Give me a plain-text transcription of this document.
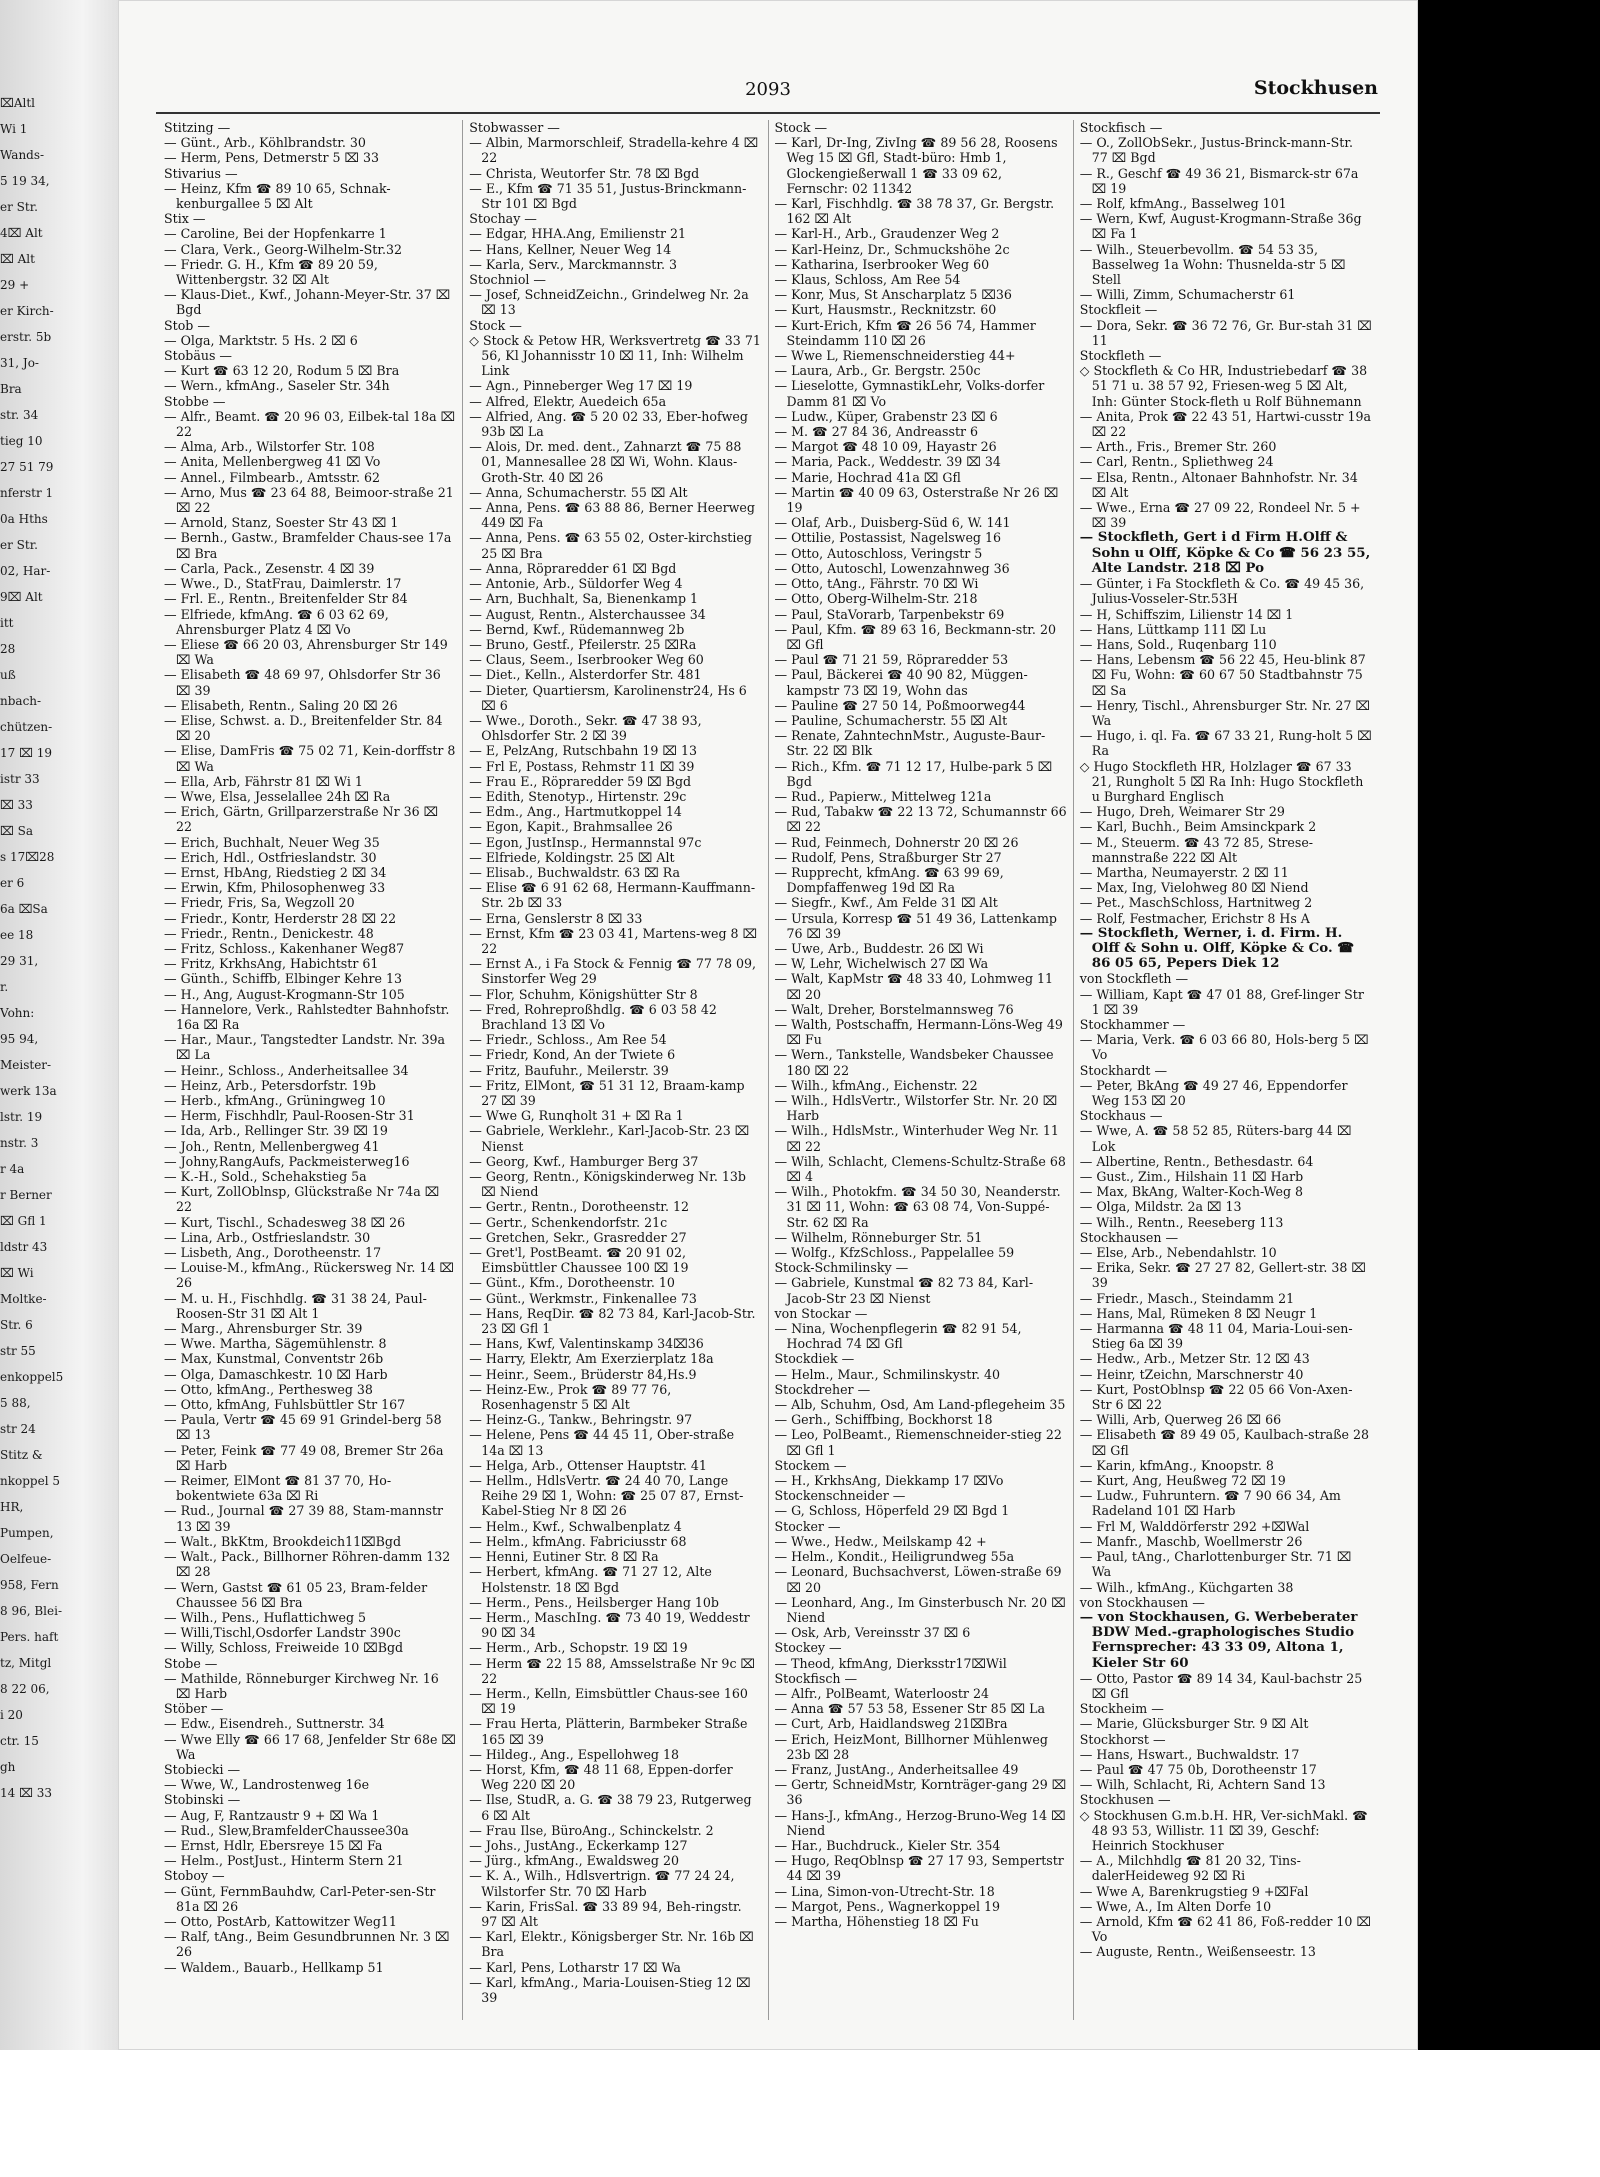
⌧Altl
Wi 1
Wands-
5 19 34,
er Str.
4⌧ Alt
⌧ Alt
29 +
er Kirch-
erstr. 5b
31, Jo-
Bra
str. 34
tieg 10
27 51 79
nferstr 1
0a Hths
er Str.
02, Har-
9⌧ Alt
itt
28
uß
nbach-
chützen-
17 ⌧ 19
istr 33
⌧ 33
⌧ Sa
s 17⌧28
er 6
6a ⌧Sa
ee 18
29 31,
r.
Vohn:
95 94,
Meister-
werk 13a
lstr. 19
nstr. 3
r 4a
r Berner
⌧ Gfl 1
ldstr 43
⌧ Wi
Moltke-
Str. 6
str 55
enkoppel5
5 88,
str 24
Stitz &
nkoppel 5
HR,
Pumpen,
Oelfeue-
958, Fern
8 96, Blei-
Pers. haft
tz, Mitgl
8 22 06,
i 20
ctr. 15
gh
14 ⌧ 33
2093	Stockhusen

Stitzing —

— Günt., Arb., Köhlbrandstr. 30

— Herm, Pens, Detmerstr 5 ⌧ 33

Stivarius —

— Heinz, Kfm ☎ 89 10 65, Schnak-kenburgallee 5 ⌧ Alt

Stix —

— Caroline, Bei der Hopfenkarre 1

— Clara, Verk., Georg-Wilhelm-Str.32

— Friedr. G. H., Kfm ☎ 89 20 59, Wittenbergstr. 32 ⌧ Alt

— Klaus-Diet., Kwf., Johann-Meyer-Str. 37 ⌧ Bgd

Stob —

— Olga, Marktstr. 5 Hs. 2 ⌧ 6

Stobäus —

— Kurt ☎ 63 12 20, Rodum 5 ⌧ Bra

— Wern., kfmAng., Saseler Str. 34h

Stobbe —

— Alfr., Beamt. ☎ 20 96 03, Eilbek-tal 18a ⌧ 22

— Alma, Arb., Wilstorfer Str. 108

— Anita, Mellenbergweg 41 ⌧ Vo

— Annel., Filmbearb., Amtsstr. 62

— Arno, Mus ☎ 23 64 88, Beimoor-straße 21 ⌧ 22

— Arnold, Stanz, Soester Str 43 ⌧ 1

— Bernh., Gastw., Bramfelder Chaus-see 17a ⌧ Bra

— Carla, Pack., Zesenstr. 4 ⌧ 39

— Wwe., D., StatFrau, Daimlerstr. 17

— Frl. E., Rentn., Breitenfelder Str 84

— Elfriede, kfmAng. ☎ 6 03 62 69, Ahrensburger Platz 4 ⌧ Vo

— Eliese ☎ 66 20 03, Ahrensburger Str 149 ⌧ Wa

— Elisabeth ☎ 48 69 97, Ohlsdorfer Str 36 ⌧ 39

— Elisabeth, Rentn., Saling 20 ⌧ 26

— Elise, Schwst. a. D., Breitenfelder Str. 84 ⌧ 20

— Elise, DamFris ☎ 75 02 71, Kein-dorffstr 8 ⌧ Wa

— Ella, Arb, Fährstr 81 ⌧ Wi 1

— Wwe, Elsa, Jesselallee 24h ⌧ Ra

— Erich, Gärtn, Grillparzerstraße Nr 36 ⌧ 22

— Erich, Buchhalt, Neuer Weg 35

— Erich, Hdl., Ostfrieslandstr. 30

— Ernst, HbAng, Riedstieg 2 ⌧ 34

— Erwin, Kfm, Philosophenweg 33

— Friedr, Fris, Sa, Wegzoll 20

— Friedr., Kontr, Herderstr 28 ⌧ 22

— Friedr., Rentn., Denickestr. 48

— Fritz, Schloss., Kakenhaner Weg87

— Fritz, KrkhsAng, Habichtstr 61

— Günth., Schiffb, Elbinger Kehre 13

— H., Ang, August-Krogmann-Str 105

— Hannelore, Verk., Rahlstedter Bahnhofstr. 16a ⌧ Ra

— Har., Maur., Tangstedter Landstr. Nr. 39a ⌧ La

— Heinr., Schloss., Anderheitsallee 34

— Heinz, Arb., Petersdorfstr. 19b

— Herb., kfmAng., Grüningweg 10

— Herm, Fischhdlr, Paul-Roosen-Str 31

— Ida, Arb., Rellinger Str. 39 ⌧ 19

— Joh., Rentn, Mellenbergweg 41

— Johny,RangAufs, Packmeisterweg16

— K.-H., Sold., Schehakstieg 5a

— Kurt, ZollOblnsp, Glückstraße Nr 74a ⌧ 22

— Kurt, Tischl., Schadesweg 38 ⌧ 26

— Lina, Arb., Ostfrieslandstr. 30

— Lisbeth, Ang., Dorotheenstr. 17

— Louise-M., kfmAng., Rückersweg Nr. 14 ⌧ 26

— M. u. H., Fischhdlg. ☎ 31 38 24, Paul-Roosen-Str 31 ⌧ Alt 1

— Marg., Ahrensburger Str. 39

— Wwe. Martha, Sägemühlenstr. 8

— Max, Kunstmal, Conventstr 26b

— Olga, Damaschkestr. 10 ⌧ Harb

— Otto, kfmAng., Perthesweg 38

— Otto, kfmAng, Fuhlsbüttler Str 167

— Paula, Vertr ☎ 45 69 91 Grindel-berg 58 ⌧ 13

— Peter, Feink ☎ 77 49 08, Bremer Str 26a ⌧ Harb

— Reimer, ElMont ☎ 81 37 70, Ho-bokentwiete 63a ⌧ Ri

— Rud., Journal ☎ 27 39 88, Stam-mannstr 13 ⌧ 39

— Walt., BkKtm, Brookdeich11⌧Bgd

— Walt., Pack., Billhorner Röhren-damm 132 ⌧ 28

— Wern, Gastst ☎ 61 05 23, Bram-felder Chaussee 56 ⌧ Bra

— Wilh., Pens., Huflattichweg 5

— Willi,Tischl,Osdorfer Landstr 390c

— Willy, Schloss, Freiweide 10 ⌧Bgd

Stobe —

— Mathilde, Rönneburger Kirchweg Nr. 16 ⌧ Harb

Stöber —

— Edw., Eisendreh., Suttnerstr. 34

— Wwe Elly ☎ 66 17 68, Jenfelder Str 68e ⌧ Wa

Stobiecki —

— Wwe, W., Landrostenweg 16e

Stobinski —

— Aug, F, Rantzaustr 9 + ⌧ Wa 1

— Rud., Slew,BramfelderChaussee30a

— Ernst, Hdlr, Ebersreye 15 ⌧ Fa

— Helm., PostJust., Hinterm Stern 21

Stoboy —

— Günt, FernmBauhdw, Carl-Peter-sen-Str 81a ⌧ 26

— Otto, PostArb, Kattowitzer Weg11

— Ralf, tAng., Beim Gesundbrunnen Nr. 3 ⌧ 26

— Waldem., Bauarb., Hellkamp 51

Stobwasser —

— Albin, Marmorschleif, Stradella-kehre 4 ⌧ 22

— Christa, Weutorfer Str. 78 ⌧ Bgd

— E., Kfm ☎ 71 35 51, Justus-Brinckmann-Str 101 ⌧ Bgd

Stochay —

— Edgar, HHA.Ang, Emilienstr 21

— Hans, Kellner, Neuer Weg 14

— Karla, Serv., Marckmannstr. 3

Stochniol —

— Josef, SchneidZeichn., Grindelweg Nr. 2a ⌧ 13

Stock —

◇ Stock & Petow HR, Werksvertretg ☎ 33 71 56, Kl Johannisstr 10 ⌧ 11, Inh: Wilhelm Link

— Agn., Pinneberger Weg 17 ⌧ 19

— Alfred, Elektr, Auedeich 65a

— Alfried, Ang. ☎ 5 20 02 33, Eber-hofweg 93b ⌧ La

— Alois, Dr. med. dent., Zahnarzt ☎ 75 88 01, Mannesallee 28 ⌧ Wi, Wohn. Klaus-Groth-Str. 40 ⌧ 26

— Anna, Schumacherstr. 55 ⌧ Alt

— Anna, Pens. ☎ 63 88 86, Berner Heerweg 449 ⌧ Fa

— Anna, Pens. ☎ 63 55 02, Oster-kirchstieg 25 ⌧ Bra

— Anna, Röpraredder 61 ⌧ Bgd

— Antonie, Arb., Süldorfer Weg 4

— Arn, Buchhalt, Sa, Bienenkamp 1

— August, Rentn., Alsterchaussee 34

— Bernd, Kwf., Rüdemannweg 2b

— Bruno, Gestf., Pfeilerstr. 25 ⌧Ra

— Claus, Seem., Iserbrooker Weg 60

— Diet., Kelln., Alsterdorfer Str. 481

— Dieter, Quartiersm, Karolinenstr24, Hs 6 ⌧ 6

— Wwe., Doroth., Sekr. ☎ 47 38 93, Ohlsdorfer Str. 2 ⌧ 39

— E, PelzAng, Rutschbahn 19 ⌧ 13

— Frl E, Postass, Rehmstr 11 ⌧ 39

— Frau E., Röpraredder 59 ⌧ Bgd

— Edith, Stenotyp., Hirtenstr. 29c

— Edm., Ang., Hartmutkoppel 14

— Egon, Kapit., Brahmsallee 26

— Egon, JustInsp., Hermannstal 97c

— Elfriede, Koldingstr. 25 ⌧ Alt

— Elisab., Buchwaldstr. 63 ⌧ Ra

— Elise ☎ 6 91 62 68, Hermann-Kauffmann-Str. 2b ⌧ 33

— Erna, Genslerstr 8 ⌧ 33

— Ernst, Kfm ☎ 23 03 41, Martens-weg 8 ⌧ 22

— Ernst A., i Fa Stock & Fennig ☎ 77 78 09, Sinstorfer Weg 29

— Flor, Schuhm, Königshütter Str 8

— Fred, Rohreproßhdlg. ☎ 6 03 58 42 Brachland 13 ⌧ Vo

— Friedr., Schloss., Am Ree 54

— Friedr, Kond, An der Twiete 6

— Fritz, Baufuhr., Meilerstr. 39

— Fritz, ElMont, ☎ 51 31 12, Braam-kamp 27 ⌧ 39

— Wwe G, Runqholt 31 + ⌧ Ra 1

— Gabriele, Werklehr., Karl-Jacob-Str. 23 ⌧ Nienst

— Georg, Kwf., Hamburger Berg 37

— Georg, Rentn., Königskinderweg Nr. 13b ⌧ Niend

— Gertr., Rentn., Dorotheenstr. 12

— Gertr., Schenkendorfstr. 21c

— Gretchen, Sekr., Grasredder 27

— Gret'l, PostBeamt. ☎ 20 91 02, Eimsbüttler Chaussee 100 ⌧ 19

— Günt., Kfm., Dorotheenstr. 10

— Günt., Werkmstr., Finkenallee 73

— Hans, ReqDir. ☎ 82 73 84, Karl-Jacob-Str. 23 ⌧ Gfl 1

— Hans, Kwf, Valentinskamp 34⌧36

— Harry, Elektr, Am Exerzierplatz 18a

— Heinr., Seem., Brüderstr 84,Hs.9

— Heinz-Ew., Prok ☎ 89 77 76, Rosenhagenstr 5 ⌧ Alt

— Heinz-G., Tankw., Behringstr. 97

— Helene, Pens ☎ 44 45 11, Ober-straße 14a ⌧ 13

— Helga, Arb., Ottenser Hauptstr. 41

— Hellm., HdlsVertr. ☎ 24 40 70, Lange Reihe 29 ⌧ 1, Wohn: ☎ 25 07 87, Ernst-Kabel-Stieg Nr 8 ⌧ 26

— Helm., Kwf., Schwalbenplatz 4

— Helm., kfmAng. Fabriciusstr 68

— Henni, Eutiner Str. 8 ⌧ Ra

— Herbert, kfmAng. ☎ 71 27 12, Alte Holstenstr. 18 ⌧ Bgd

— Herm., Pens., Heilsberger Hang 10b

— Herm., MaschIng. ☎ 73 40 19, Weddestr 90 ⌧ 34

— Herm., Arb., Schopstr. 19 ⌧ 19

— Herm ☎ 22 15 88, Amsselstraße Nr 9c ⌧ 22

— Herm., Kelln, Eimsbüttler Chaus-see 160 ⌧ 19

— Frau Herta, Plätterin, Barmbeker Straße 165 ⌧ 39

— Hildeg., Ang., Espellohweg 18

— Horst, Kfm, ☎ 48 11 68, Eppen-dorfer Weg 220 ⌧ 20

— Ilse, StudR, a. G. ☎ 38 79 23, Rutgerweg 6 ⌧ Alt

— Frau Ilse, BüroAng., Schinckelstr. 2

— Johs., JustAng., Eckerkamp 127

— Jürg., kfmAng., Ewaldsweg 20

— K. A., Wilh., Hdlsvertrign. ☎ 77 24 24, Wilstorfer Str. 70 ⌧ Harb

— Karin, FrisSal. ☎ 33 89 94, Beh-ringstr. 97 ⌧ Alt

— Karl, Elektr., Königsberger Str. Nr. 16b ⌧ Bra

— Karl, Pens, Lotharstr 17 ⌧ Wa

— Karl, kfmAng., Maria-Louisen-Stieg 12 ⌧ 39

Stock —

— Karl, Dr-Ing, ZivIng ☎ 89 56 28, Roosens Weg 15 ⌧ Gfl, Stadt-büro: Hmb 1, Glockengießerwall 1 ☎ 33 09 62, Fernschr: 02 11342

— Karl, Fischhdlg. ☎ 38 78 37, Gr. Bergstr. 162 ⌧ Alt

— Karl-H., Arb., Graudenzer Weg 2

— Karl-Heinz, Dr., Schmuckshöhe 2c

— Katharina, Iserbrooker Weg 60

— Klaus, Schloss, Am Ree 54

— Konr, Mus, St Anscharplatz 5 ⌧36

— Kurt, Hausmstr., Recknitzstr. 60

— Kurt-Erich, Kfm ☎ 26 56 74, Hammer Steindamm 110 ⌧ 26

— Wwe L, Riemenschneiderstieg 44+

— Laura, Arb., Gr. Bergstr. 250c

— Lieselotte, GymnastikLehr, Volks-dorfer Damm 81 ⌧ Vo

— Ludw., Küper, Grabenstr 23 ⌧ 6

— M. ☎ 27 84 36, Andreasstr 6

— Margot ☎ 48 10 09, Hayastr 26

— Maria, Pack., Weddestr. 39 ⌧ 34

— Marie, Hochrad 41a ⌧ Gfl

— Martin ☎ 40 09 63, Osterstraße Nr 26 ⌧ 19

— Olaf, Arb., Duisberg-Süd 6, W. 141

— Ottilie, Postassist, Nagelsweg 16

— Otto, Autoschloss, Veringstr 5

— Otto, Autoschl, Lowenzahnweg 36

— Otto, tAng., Fährstr. 70 ⌧ Wi

— Otto, Oberg-Wilhelm-Str. 218

— Paul, StaVorarb, Tarpenbekstr 69

— Paul, Kfm. ☎ 89 63 16, Beckmann-str. 20 ⌧ Gfl

— Paul ☎ 71 21 59, Röpraredder 53

— Paul, Bäckerei ☎ 40 90 82, Müggen-kampstr 73 ⌧ 19, Wohn das

— Pauline ☎ 27 50 14, Poßmoorweg44

— Pauline, Schumacherstr. 55 ⌧ Alt

— Renate, ZahntechnMstr., Auguste-Baur-Str. 22 ⌧ Blk

— Rich., Kfm. ☎ 71 12 17, Hulbe-park 5 ⌧ Bgd

— Rud., Papierw., Mittelweg 121a

— Rud, Tabakw ☎ 22 13 72, Schumannstr 66 ⌧ 22

— Rud, Feinmech, Dohnerstr 20 ⌧ 26

— Rudolf, Pens, Straßburger Str 27

— Rupprecht, kfmAng. ☎ 63 99 69, Dompfaffenweg 19d ⌧ Ra

— Siegfr., Kwf., Am Felde 31 ⌧ Alt

— Ursula, Korresp ☎ 51 49 36, Lattenkamp 76 ⌧ 39

— Uwe, Arb., Buddestr. 26 ⌧ Wi

— W, Lehr, Wichelwisch 27 ⌧ Wa

— Walt, KapMstr ☎ 48 33 40, Lohmweg 11 ⌧ 20

— Walt, Dreher, Borstelmannsweg 76

— Walth, Postschaffn, Hermann-Löns-Weg 49 ⌧ Fu

— Wern., Tankstelle, Wandsbeker Chaussee 180 ⌧ 22

— Wilh., kfmAng., Eichenstr. 22

— Wilh., HdlsVertr., Wilstorfer Str. Nr. 20 ⌧ Harb

— Wilh., HdlsMstr., Winterhuder Weg Nr. 11 ⌧ 22

— Wilh, Schlacht, Clemens-Schultz-Straße 68 ⌧ 4

— Wilh., Photokfm. ☎ 34 50 30, Neanderstr. 31 ⌧ 11, Wohn: ☎ 63 08 74, Von-Suppé-Str. 62 ⌧ Ra

— Wilhelm, Rönneburger Str. 51

— Wolfg., KfzSchloss., Pappelallee 59

Stock-Schmilinsky —

— Gabriele, Kunstmal ☎ 82 73 84, Karl-Jacob-Str 23 ⌧ Nienst

von Stockar —

— Nina, Wochenpflegerin ☎ 82 91 54, Hochrad 74 ⌧ Gfl

Stockdiek —

— Helm., Maur., Schmilinskystr. 40

Stockdreher —

— Alb, Schuhm, Osd, Am Land-pflegeheim 35

— Gerh., Schiffbing, Bockhorst 18

— Leo, PolBeamt., Riemenschneider-stieg 22 ⌧ Gfl 1

Stockem —

— H., KrkhsAng, Diekkamp 17 ⌧Vo

Stockenschneider —

— G, Schloss, Höperfeld 29 ⌧ Bgd 1

Stocker —

— Wwe., Hedw., Meilskamp 42 +

— Helm., Kondit., Heiligrundweg 55a

— Leonard, Buchsachverst, Löwen-straße 69 ⌧ 20

— Leonhard, Ang., Im Ginsterbusch Nr. 20 ⌧ Niend

— Osk, Arb, Vereinsstr 37 ⌧ 6

Stockey —

— Theod, kfmAng, Dierksstr17⌧Wil

Stockfisch —

— Alfr., PolBeamt, Waterloostr 24

— Anna ☎ 57 53 58, Essener Str 85 ⌧ La

— Curt, Arb, Haidlandsweg 21⌧Bra

— Erich, HeizMont, Billhorner Mühlenweg 23b ⌧ 28

— Franz, JustAng., Anderheitsallee 49

— Gertr, SchneidMstr, Kornträger-gang 29 ⌧ 36

— Hans-J., kfmAng., Herzog-Bruno-Weg 14 ⌧ Niend

— Har., Buchdruck., Kieler Str. 354

— Hugo, ReqOblnsp ☎ 27 17 93, Sempertstr 44 ⌧ 39

— Lina, Simon-von-Utrecht-Str. 18

— Margot, Pens., Wagnerkoppel 19

— Martha, Höhenstieg 18 ⌧ Fu

Stockfisch —

— O., ZollObSekr., Justus-Brinck-mann-Str. 77 ⌧ Bgd

— R., Geschf ☎ 49 36 21, Bismarck-str 67a ⌧ 19

— Rolf, kfmAng., Basselweg 101

— Wern, Kwf, August-Krogmann-Straße 36g ⌧ Fa 1

— Wilh., Steuerbevollm. ☎ 54 53 35, Basselweg 1a Wohn: Thusnelda-str 5 ⌧ Stell

— Willi, Zimm, Schumacherstr 61

Stockfleit —

— Dora, Sekr. ☎ 36 72 76, Gr. Bur-stah 31 ⌧ 11

Stockfleth —

◇ Stockfleth & Co HR, Industriebedarf ☎ 38 51 71 u. 38 57 92, Friesen-weg 5 ⌧ Alt, Inh: Günter Stock-fleth u Rolf Bühnemann

— Anita, Prok ☎ 22 43 51, Hartwi-cusstr 19a ⌧ 22

— Arth., Fris., Bremer Str. 260

— Carl, Rentn., Spliethweg 24

— Elsa, Rentn., Altonaer Bahnhofstr. Nr. 34 ⌧ Alt

— Wwe., Erna ☎ 27 09 22, Rondeel Nr. 5 + ⌧ 39

— Stockfleth, Gert i d Firm H.Olff & Sohn u Olff, Köpke & Co ☎ 56 23 55, Alte Landstr. 218 ⌧ Po

— Günter, i Fa Stockfleth & Co. ☎ 49 45 36, Julius-Vosseler-Str.53H

— H, Schiffszim, Lilienstr 14 ⌧ 1

— Hans, Lüttkamp 111 ⌧ Lu

— Hans, Sold., Ruqenbarg 110

— Hans, Lebensm ☎ 56 22 45, Heu-blink 87 ⌧ Fu, Wohn: ☎ 60 67 50 Stadtbahnstr 75 ⌧ Sa

— Henry, Tischl., Ahrensburger Str. Nr. 27 ⌧ Wa

— Hugo, i. ql. Fa. ☎ 67 33 21, Rung-holt 5 ⌧ Ra

◇ Hugo Stockfleth HR, Holzlager ☎ 67 33 21, Rungholt 5 ⌧ Ra Inh: Hugo Stockfleth u Burghard Englisch

— Hugo, Dreh, Weimarer Str 29

— Karl, Buchh., Beim Amsinckpark 2

— M., Steuerm. ☎ 43 72 85, Strese-mannstraße 222 ⌧ Alt

— Martha, Neumayerstr. 2 ⌧ 11

— Max, Ing, Vielohweg 80 ⌧ Niend

— Pet., MaschSchloss, Hartnitweg 2

— Rolf, Festmacher, Erichstr 8 Hs A

— Stockfleth, Werner, i. d. Firm. H. Olff & Sohn u. Olff, Köpke & Co. ☎ 86 05 65, Pepers Diek 12

von Stockfleth —

— William, Kapt ☎ 47 01 88, Gref-linger Str 1 ⌧ 39

Stockhammer —

— Maria, Verk. ☎ 6 03 66 80, Hols-berg 5 ⌧ Vo

Stockhardt —

— Peter, BkAng ☎ 49 27 46, Eppendorfer Weg 153 ⌧ 20

Stockhaus —

— Wwe, A. ☎ 58 52 85, Rüters-barg 44 ⌧ Lok

— Albertine, Rentn., Bethesdastr. 64

— Gust., Zim., Hilshain 11 ⌧ Harb

— Max, BkAng, Walter-Koch-Weg 8

— Olga, Mildstr. 2a ⌧ 13

— Wilh., Rentn., Reeseberg 113

Stockhausen —

— Else, Arb., Nebendahlstr. 10

— Erika, Sekr. ☎ 27 27 82, Gellert-str. 38 ⌧ 39

— Friedr., Masch., Steindamm 21

— Hans, Mal, Rümeken 8 ⌧ Neugr 1

— Harmanna ☎ 48 11 04, Maria-Loui-sen-Stieg 6a ⌧ 39

— Hedw., Arb., Metzer Str. 12 ⌧ 43

— Heinr, tZeichn, Marschnerstr 40

— Kurt, PostOblnsp ☎ 22 05 66 Von-Axen-Str 6 ⌧ 22

— Willi, Arb, Querweg 26 ⌧ 66

— Elisabeth ☎ 89 49 05, Kaulbach-straße 28 ⌧ Gfl

— Karin, kfmAng., Knoopstr. 8

— Kurt, Ang, Heußweg 72 ⌧ 19

— Ludw., Fuhruntern. ☎ 7 90 66 34, Am Radeland 101 ⌧ Harb

— Frl M, Walddörferstr 292 +⌧Wal

— Manfr., Maschb, Woellmerstr 26

— Paul, tAng., Charlottenburger Str. 71 ⌧ Wa

— Wilh., kfmAng., Küchgarten 38

von Stockhausen —

— von Stockhausen, G. Werbeberater BDW Med.-graphologisches Studio Fernsprecher: 43 33 09, Altona 1, Kieler Str 60

— Otto, Pastor ☎ 89 14 34, Kaul-bachstr 25 ⌧ Gfl

Stockheim —

— Marie, Glücksburger Str. 9 ⌧ Alt

Stockhorst —

— Hans, Hswart., Buchwaldstr. 17

— Paul ☎ 47 75 0b, Dorotheenstr 17

— Wilh, Schlacht, Ri, Achtern Sand 13

Stockhusen —

◇ Stockhusen G.m.b.H. HR, Ver-sichMakl. ☎ 48 93 53, Willistr. 11 ⌧ 39, Geschf: Heinrich Stockhuser

— A., Milchhdlg ☎ 81 20 32, Tins-dalerHeideweg 92 ⌧ Ri

— Wwe A, Barenkrugstieg 9 +⌧Fal

— Wwe, A., Im Alten Dorfe 10

— Arnold, Kfm ☎ 62 41 86, Foß-redder 10 ⌧ Vo

— Auguste, Rentn., Weißenseestr. 13
